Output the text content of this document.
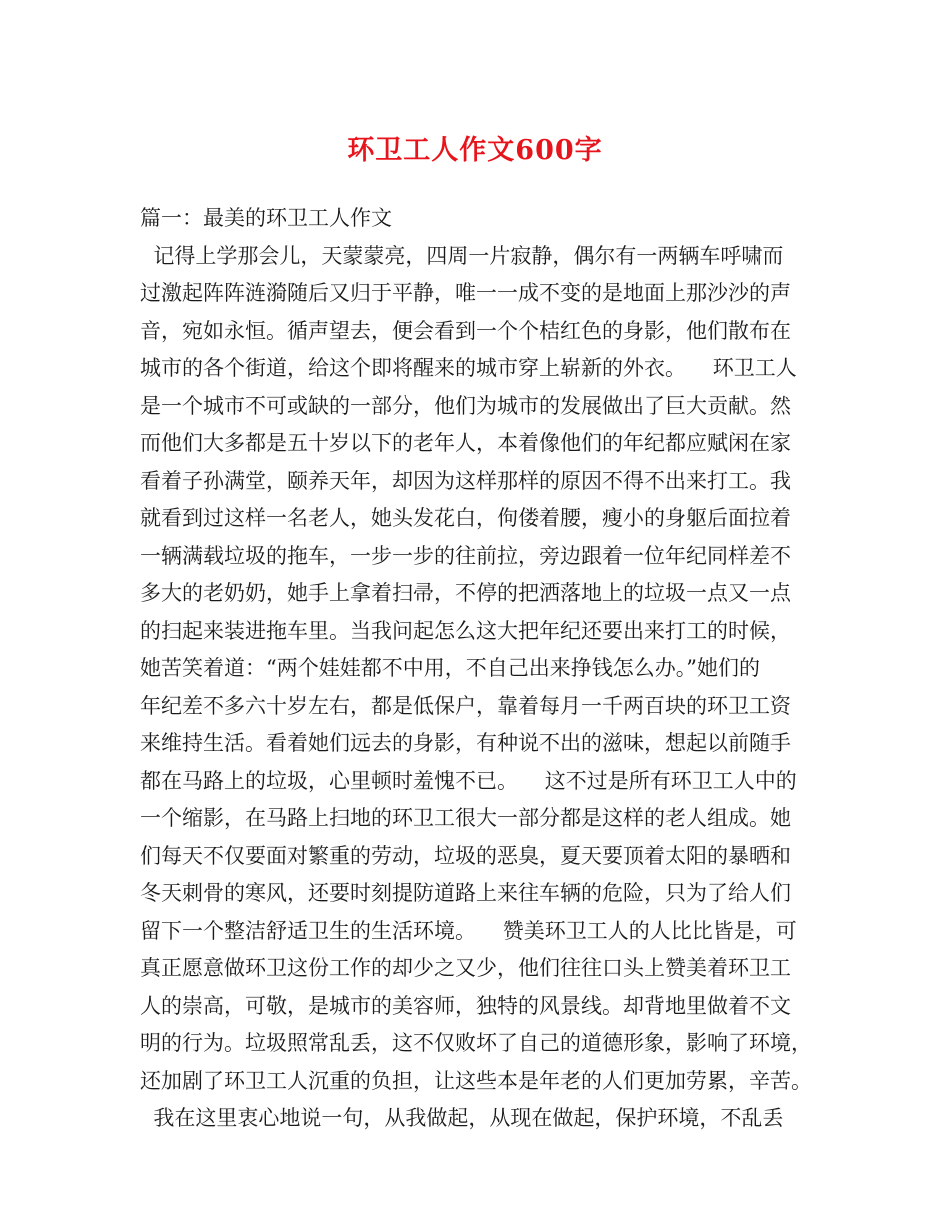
环卫工人作文600字
篇一：最美的环卫工人作文
记得上学那会儿，天蒙蒙亮，四周一片寂静，偶尔有一两辆车呼啸而
过激起阵阵涟漪随后又归于平静，唯一一成不变的是地面上那沙沙的声
音，宛如永恒。循声望去，便会看到一个个桔红色的身影，他们散布在
城市的各个街道，给这个即将醒来的城市穿上崭新的外衣。    环卫工人
是一个城市不可或缺的一部分，他们为城市的发展做出了巨大贡献。然
而他们大多都是五十岁以下的老年人，本着像他们的年纪都应赋闲在家
看着子孙满堂，颐养天年，却因为这样那样的原因不得不出来打工。我
就看到过这样一名老人，她头发花白，佝偻着腰，瘦小的身躯后面拉着
一辆满载垃圾的拖车，一步一步的往前拉，旁边跟着一位年纪同样差不
多大的老奶奶，她手上拿着扫帚，不停的把洒落地上的垃圾一点又一点
的扫起来装进拖车里。当我问起怎么这大把年纪还要出来打工的时候，
她苦笑着道：“两个娃娃都不中用，不自己出来挣钱怎么办。”她们的
年纪差不多六十岁左右，都是低保户，靠着每月一千两百块的环卫工资
来维持生活。看着她们远去的身影，有种说不出的滋味，想起以前随手
都在马路上的垃圾，心里顿时羞愧不已。    这不过是所有环卫工人中的
一个缩影，在马路上扫地的环卫工很大一部分都是这样的老人组成。她
们每天不仅要面对繁重的劳动，垃圾的恶臭，夏天要顶着太阳的暴晒和
冬天刺骨的寒风，还要时刻提防道路上来往车辆的危险，只为了给人们
留下一个整洁舒适卫生的生活环境。    赞美环卫工人的人比比皆是，可
真正愿意做环卫这份工作的却少之又少，他们往往口头上赞美着环卫工
人的崇高，可敬，是城市的美容师，独特的风景线。却背地里做着不文
明的行为。垃圾照常乱丢，这不仅败坏了自己的道德形象，影响了环境，
还加剧了环卫工人沉重的负担，让这些本是年老的人们更加劳累，辛苦。
我在这里衷心地说一句，从我做起，从现在做起，保护环境，不乱丢
